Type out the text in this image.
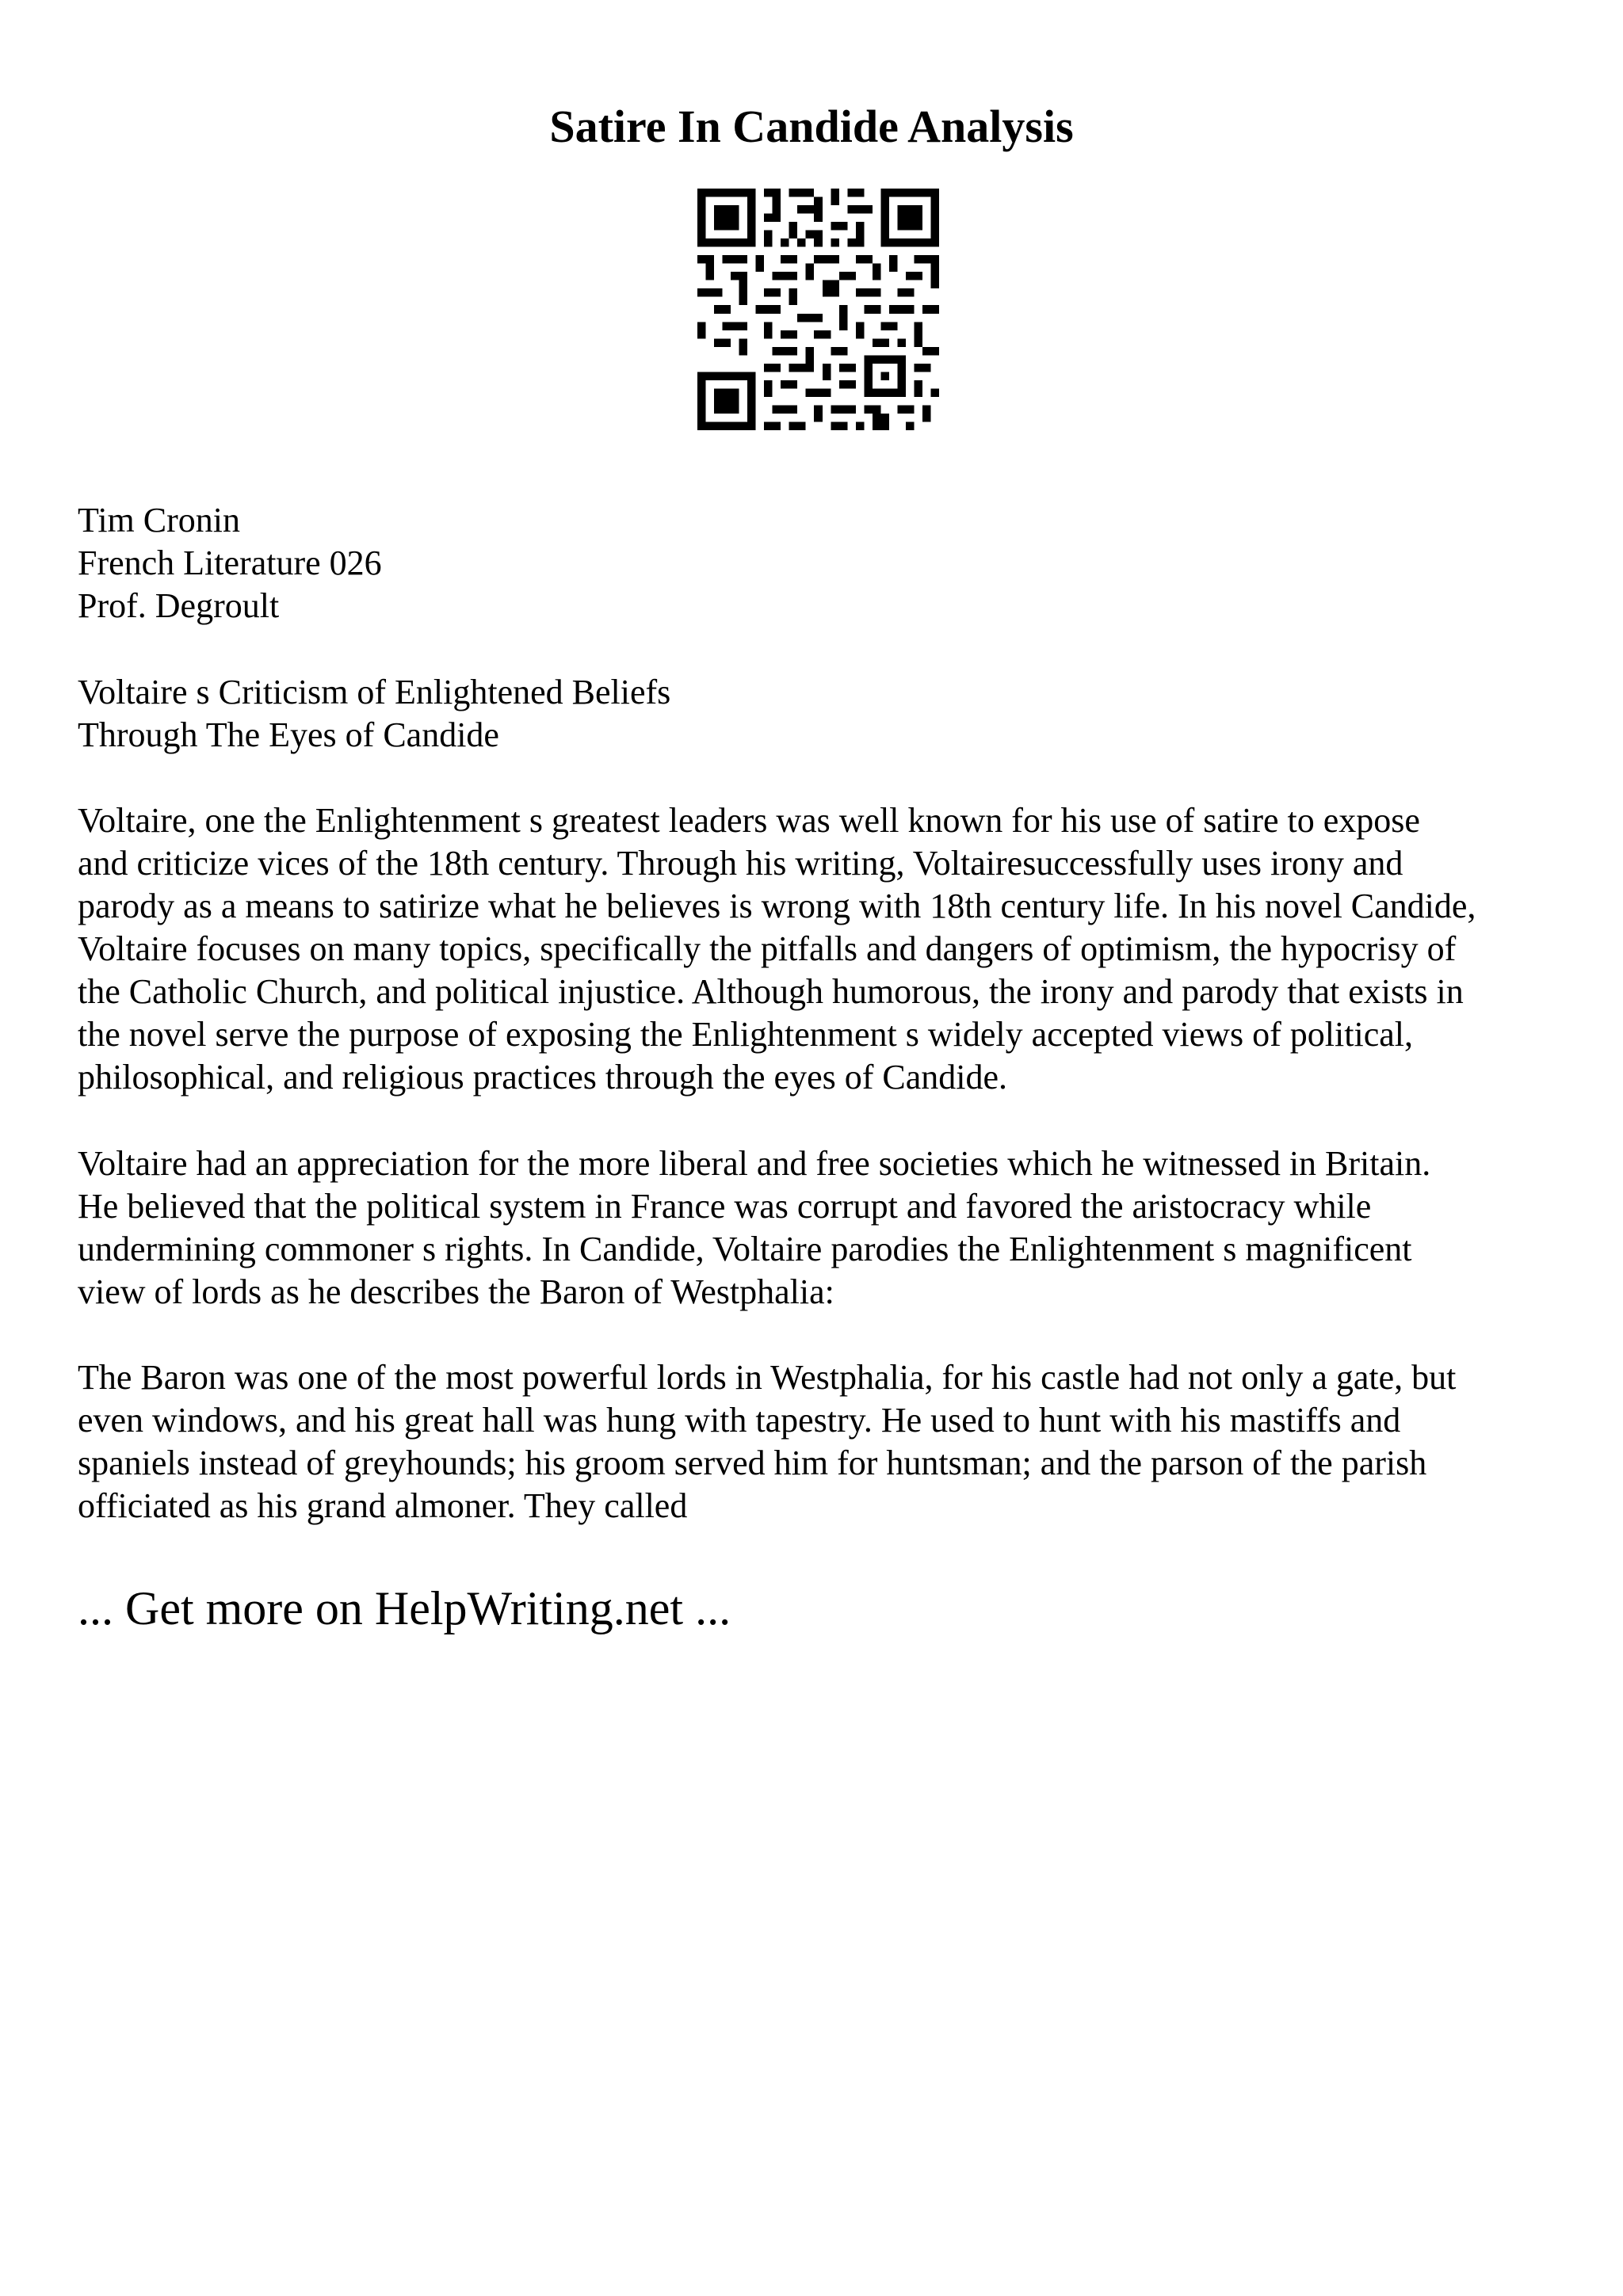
Satire In Candide Analysis
Tim Cronin
French Literature 026
Prof. Degroult
Voltaire s Criticism of Enlightened Beliefs
Through The Eyes of Candide
Voltaire, one the Enlightenment s greatest leaders was well known for his use of satire to expose
and criticize vices of the 18th century. Through his writing, Voltairesuccessfully uses irony and
parody as a means to satirize what he believes is wrong with 18th century life. In his novel Candide,
Voltaire focuses on many topics, specifically the pitfalls and dangers of optimism, the hypocrisy of
the Catholic Church, and political injustice. Although humorous, the irony and parody that exists in
the novel serve the purpose of exposing the Enlightenment s widely accepted views of political,
philosophical, and religious practices through the eyes of Candide.
Voltaire had an appreciation for the more liberal and free societies which he witnessed in Britain.
He believed that the political system in France was corrupt and favored the aristocracy while
undermining commoner s rights. In Candide, Voltaire parodies the Enlightenment s magnificent
view of lords as he describes the Baron of Westphalia:
The Baron was one of the most powerful lords in Westphalia, for his castle had not only a gate, but
even windows, and his great hall was hung with tapestry. He used to hunt with his mastiffs and
spaniels instead of greyhounds; his groom served him for huntsman; and the parson of the parish
officiated as his grand almoner. They called

... Get more on HelpWriting.net ...
